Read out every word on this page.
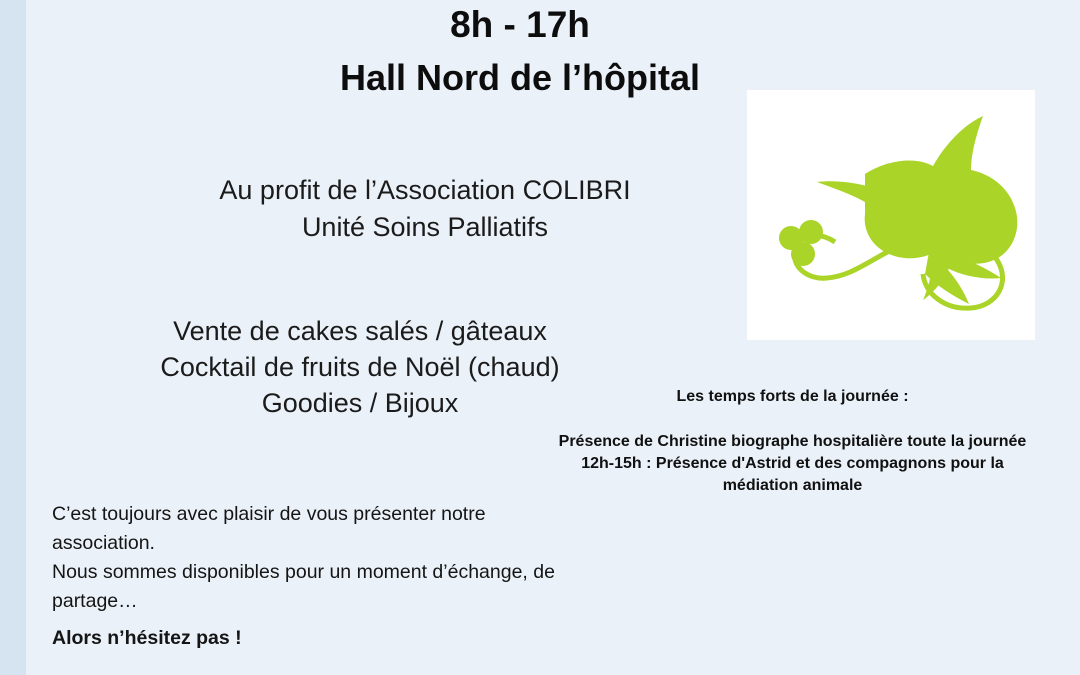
8h - 17h
Hall Nord de l’hôpital
Au profit de l’Association COLIBRI
Unité Soins Palliatifs
Vente de cakes salés / gâteaux
Cocktail de fruits de Noël (chaud)
Goodies / Bijoux	Les temps forts de la journée :
Présence de Christine biographe hospitalière toute la journée
12h-15h : Présence d'Astrid et des compagnons pour la
médiation animale

C’est toujours avec plaisir de vous présenter notre

association.

Nous sommes disponibles pour un moment d’échange, de

partage…

Alors n’hésitez pas !
